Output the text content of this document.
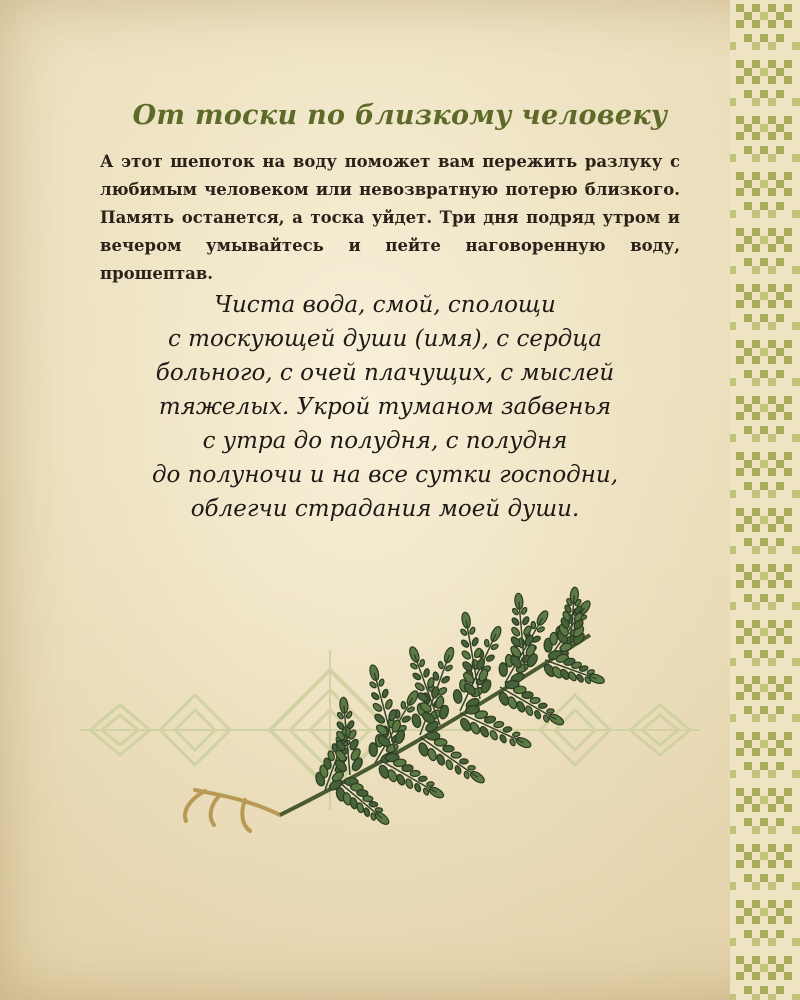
От тоски по близкому человеку

А этот шепоток на воду поможет вам пережить разлуку с любимым человеком или невозвратную потерю близкого. Память останется, а тоска уйдет. Три дня подряд утром и вечером умывайтесь и пейте наговоренную воду, прошептав.

Чиста вода, смой, сполощи
с тоскующей души (имя), с сердца
больного, с очей плачущих, с мыслей
тяжелых. Укрой туманом забвенья
с утра до полудня, с полудня
до полуночи и на все сутки господни,
облегчи страдания моей души.
